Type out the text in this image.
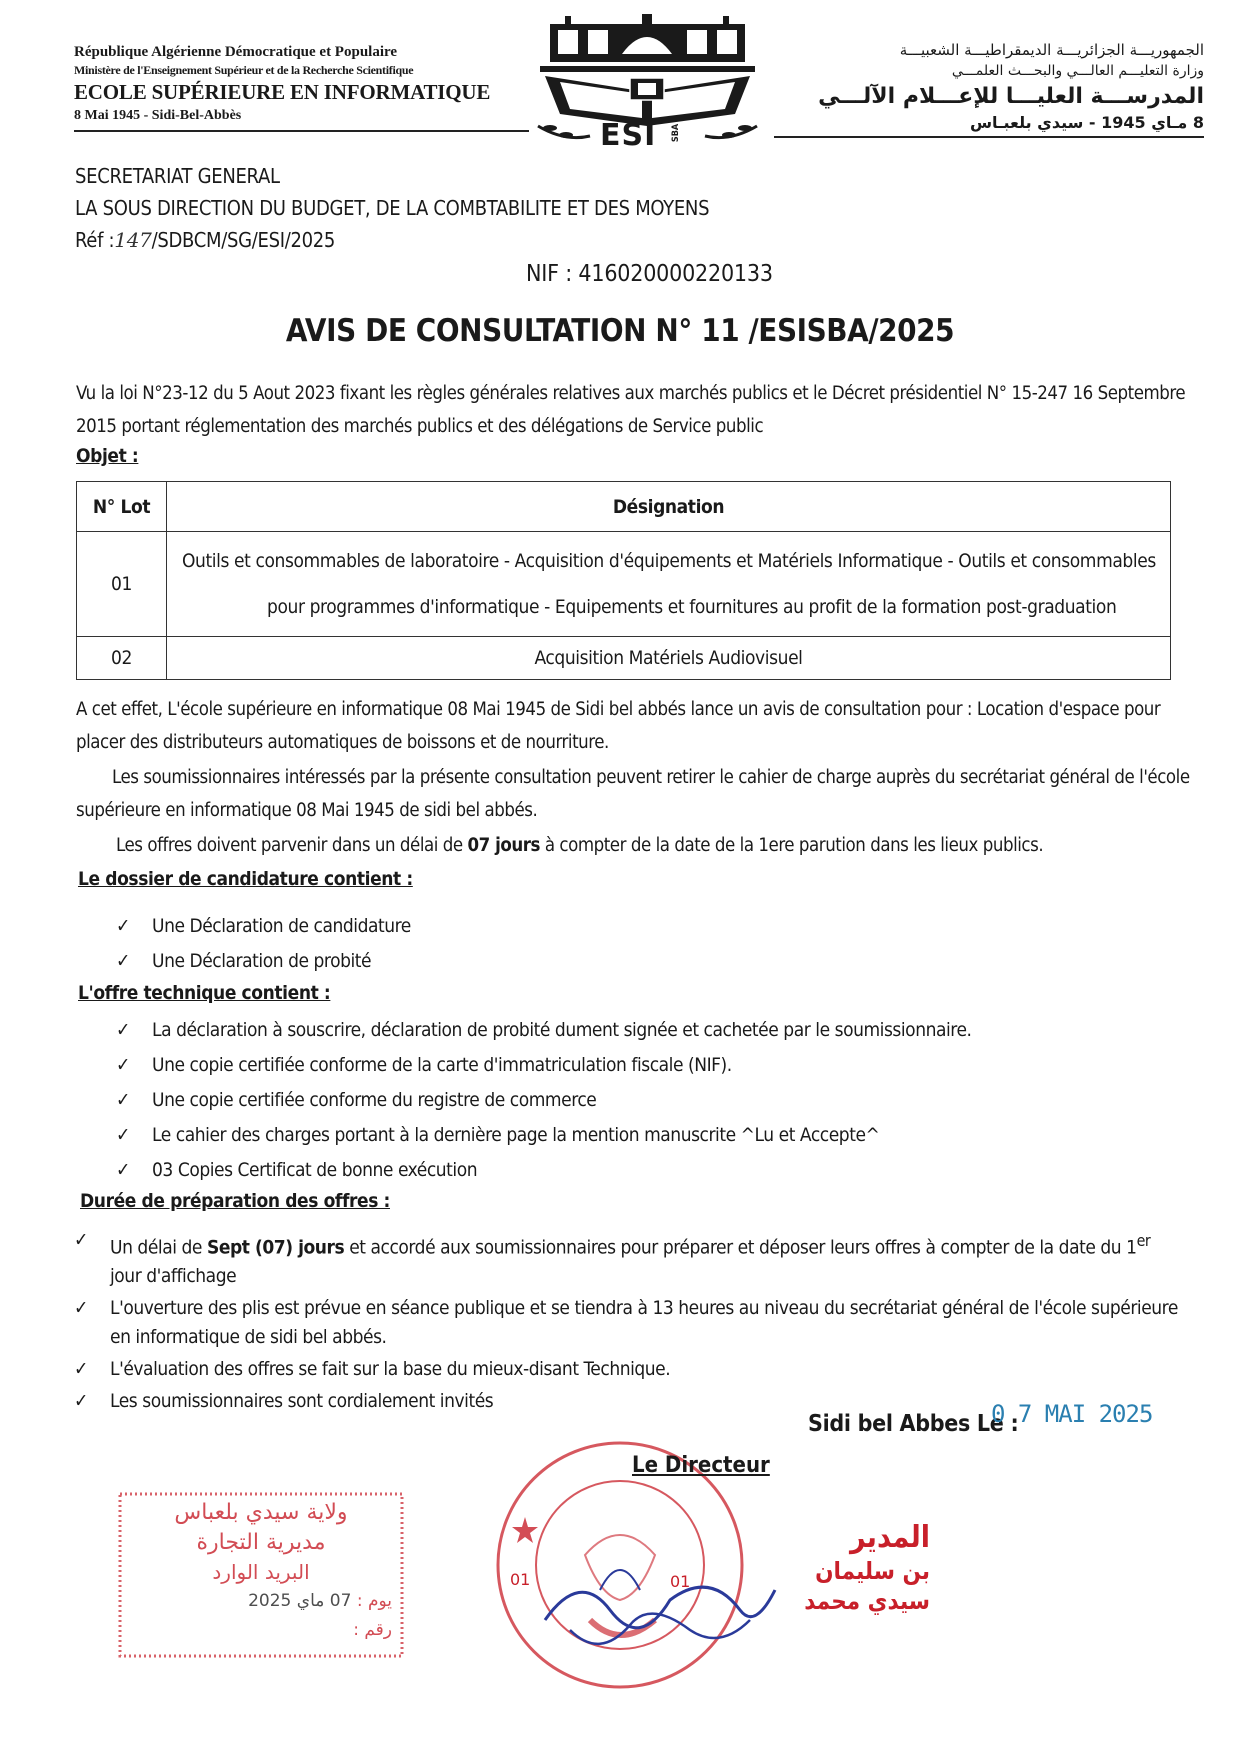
République Algérienne Démocratique et Populaire
Ministère de l'Enseignement Supérieur et de la Recherche Scientifique
ECOLE SUPÉRIEURE EN INFORMATIQUE
8 Mai 1945 - Sidi-Bel-Abbès
ESI SBA
الجمهوريـــة الجزائريـــة الديمقراطيـــة الشعبيـــة
وزارة التعليـــم العالـــي والبحـــث العلمـــي
المدرســـة العليـــا للإعـــلام الآلـــي
8 مـاي 1945 - سيدي بلعبـاس
SECRETARIAT GENERAL
LA SOUS DIRECTION DU BUDGET, DE LA COMBTABILITE ET DES MOYENS
Réf :147/SDBCM/SG/ESI/2025
NIF : 416020000220133
AVIS DE CONSULTATION N° 11 /ESISBA/2025
Vu la loi N°23-12 du 5 Aout 2023 fixant les règles générales relatives aux marchés publics et le Décret présidentiel N° 15-247 16 Septembre 2015 portant réglementation des marchés publics et des délégations de Service public
Objet :
N° Lot	Désignation
01	Outils et consommables de laboratoire - Acquisition d'équipements et Matériels Informatique - Outils et consommables pour programmes d'informatique - Equipements et fournitures au profit de la formation post-graduation
02	Acquisition Matériels Audiovisuel
A cet effet, L'école supérieure en informatique 08 Mai 1945 de Sidi bel abbés lance un avis de consultation pour : Location d'espace pour placer des distributeurs automatiques de boissons et de nourriture.
Les soumissionnaires intéressés par la présente consultation peuvent retirer le cahier de charge auprès du secrétariat général de l'école supérieure en informatique 08 Mai 1945 de sidi bel abbés.
Les offres doivent parvenir dans un délai de 07 jours à compter de la date de la 1ere parution dans les lieux publics.
Le dossier de candidature contient :
✓ Une Déclaration de candidature
✓ Une Déclaration de probité
L'offre technique contient :
✓ La déclaration à souscrire, déclaration de probité dument signée et cachetée par le soumissionnaire.
✓ Une copie certifiée conforme de la carte d'immatriculation fiscale (NIF).
✓ Une copie certifiée conforme du registre de commerce
✓ Le cahier des charges portant à la dernière page la mention manuscrite ^Lu et Accepte^
✓ 03 Copies Certificat de bonne exécution
Durée de préparation des offres :
✓ Un délai de Sept (07) jours et accordé aux soumissionnaires pour préparer et déposer leurs offres à compter de la date du 1er jour d'affichage
✓ L'ouverture des plis est prévue en séance publique et se tiendra à 13 heures au niveau du secrétariat général de l'école supérieure en informatique de sidi bel abbés.
✓ L'évaluation des offres se fait sur la base du mieux-disant Technique.
✓ Les soumissionnaires sont cordialement invités
Sidi bel Abbes Le :
0 7 MAI 2025
01	01
Le Directeur
المدير
بن سليمان سيدي محمد
ولاية سيدي بلعباس
مديرية التجارة
البريد الوارد
يوم : 07 ماي 2025
رقم :
